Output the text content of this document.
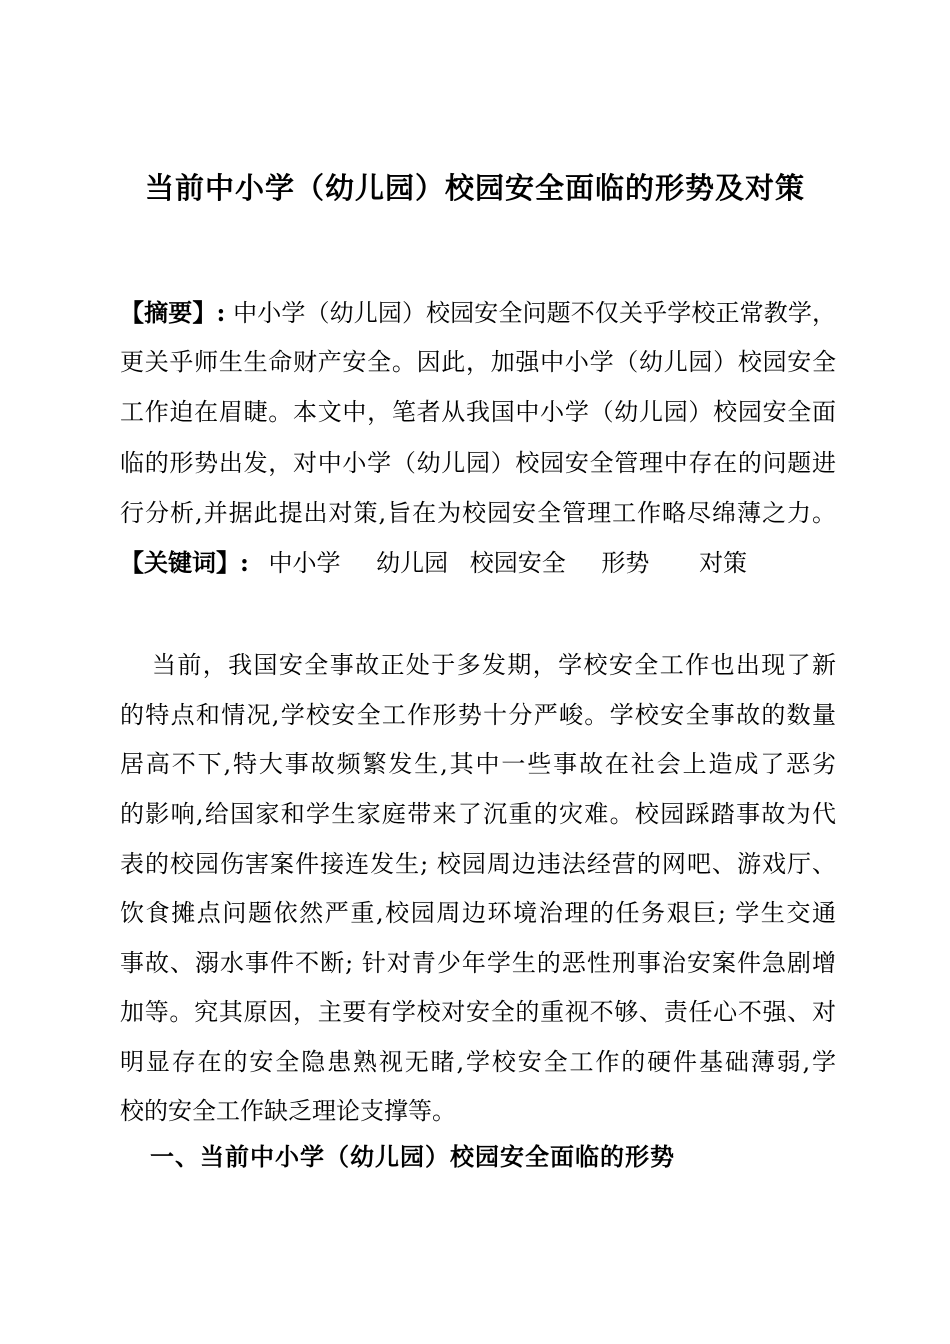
当前中小学（幼儿园）校园安全面临的形势及对策
【摘要】: 中小学（幼儿园）校园安全问题不仅关乎学校正常教学，
更关乎师生生命财产安全。因此，加强中小学（幼儿园）校园安全
工作迫在眉睫。本文中，笔者从我国中小学（幼儿园）校园安全面
临的形势出发，对中小学（幼儿园）校园安全管理中存在的问题进
行分析,并据此提出对策,旨在为校园安全管理工作略尽绵薄之力。
【关键词】: 中小学 幼儿园 校园安全 形势 对策
当前，我国安全事故正处于多发期，学校安全工作也出现了新
的特点和情况,学校安全工作形势十分严峻。学校安全事故的数量
居高不下,特大事故频繁发生,其中一些事故在社会上造成了恶劣
的影响,给国家和学生家庭带来了沉重的灾难。校园踩踏事故为代
表的校园伤害案件接连发生; 校园周边违法经营的网吧、游戏厅、
饮食摊点问题依然严重,校园周边环境治理的任务艰巨; 学生交通
事故、溺水事件不断; 针对青少年学生的恶性刑事治安案件急剧增
加等。究其原因，主要有学校对安全的重视不够、责任心不强、对
明显存在的安全隐患熟视无睹,学校安全工作的硬件基础薄弱,学
校的安全工作缺乏理论支撑等。
一、当前中小学（幼儿园）校园安全面临的形势
